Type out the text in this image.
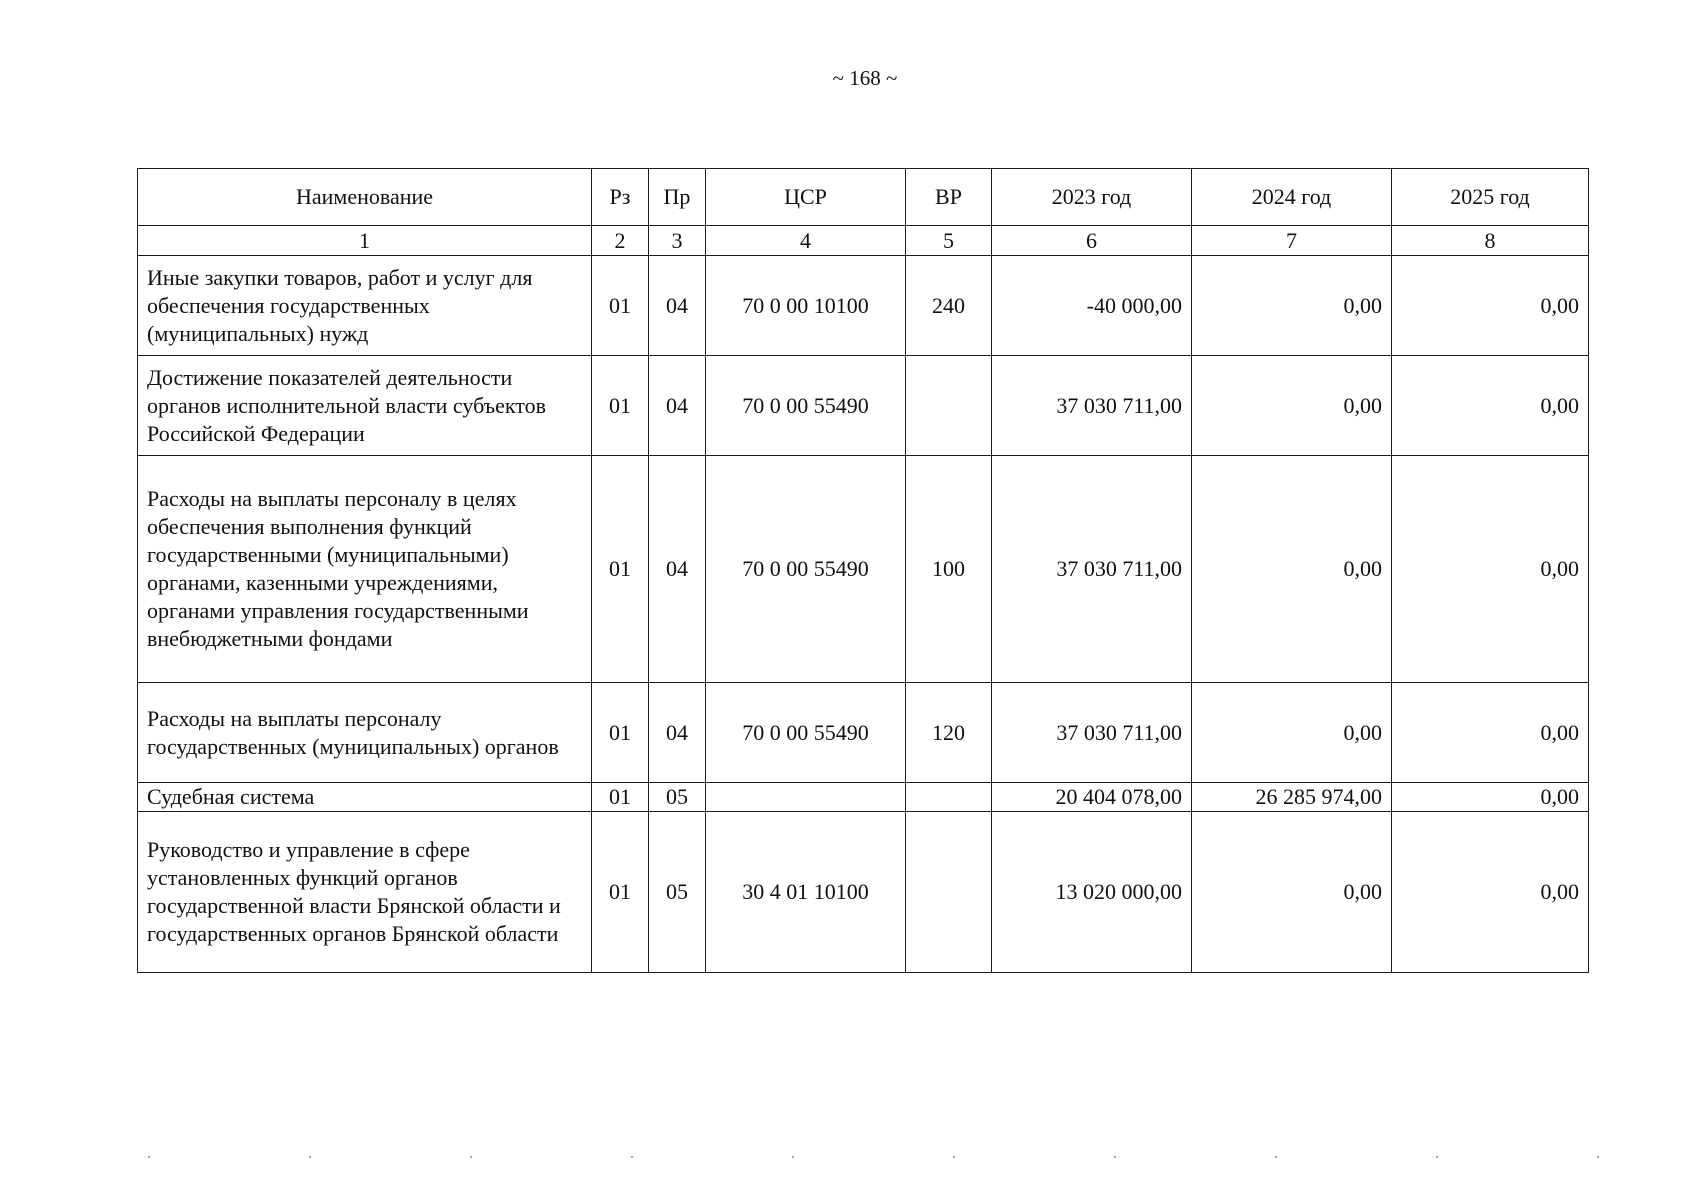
~ 168 ~
Наименование	Рз	Пр	ЦСР	ВР	2023 год	2024 год	2025 год
1	2	3	4	5	6	7	8
Иные закупки товаров, работ и услуг для обеспечения государственных (муниципальных) нужд	01	04	70 0 00 10100	240	-40 000,00	0,00	0,00
Достижение показателей деятельности органов исполнительной власти субъектов Российской Федерации	01	04	70 0 00 55490		37 030 711,00	0,00	0,00
Расходы на выплаты персоналу в целях обеспечения выполнения функций государственными (муниципальными) органами, казенными учреждениями, органами управления государственными внебюджетными фондами	01	04	70 0 00 55490	100	37 030 711,00	0,00	0,00
Расходы на выплаты персоналу государственных (муниципальных) органов	01	04	70 0 00 55490	120	37 030 711,00	0,00	0,00
Судебная система	01	05			20 404 078,00	26 285 974,00	0,00
Руководство и управление в сфере установленных функций органов государственной власти Брянской области и государственных органов Брянской области	01	05	30 4 01 10100		13 020 000,00	0,00	0,00
